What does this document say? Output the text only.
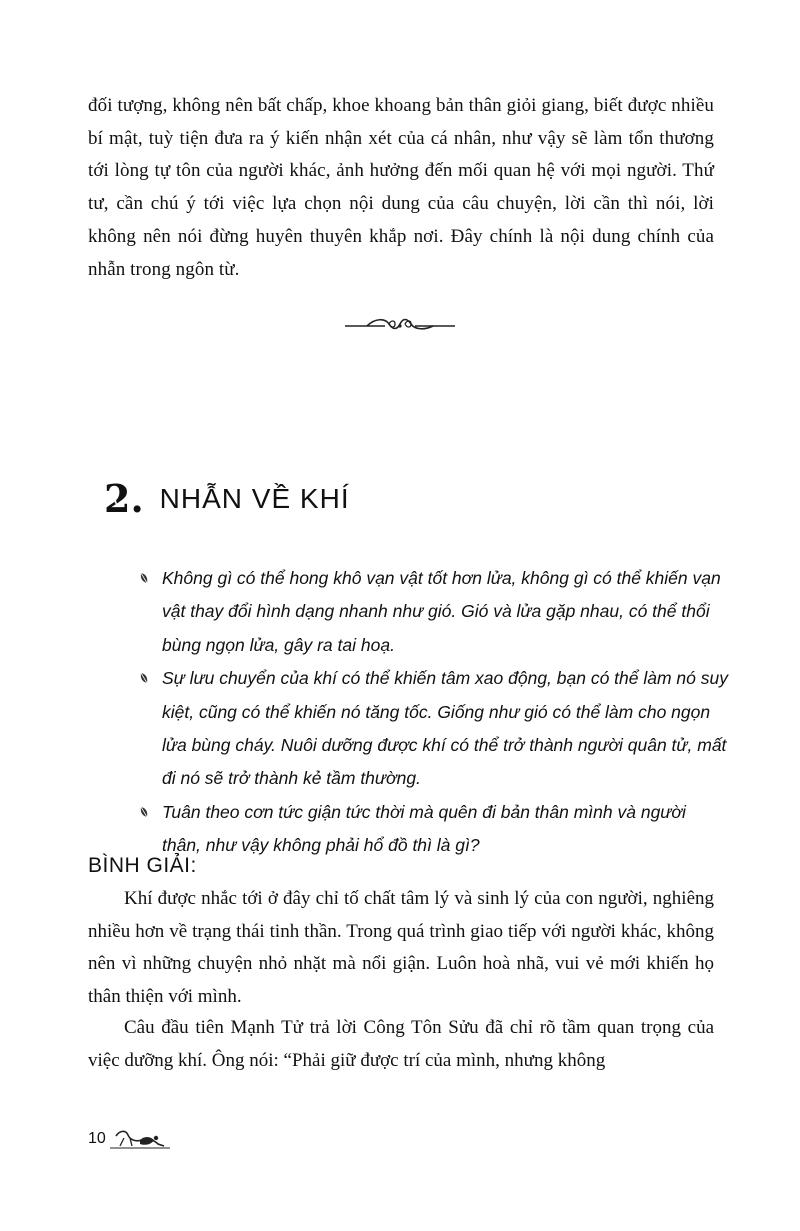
đối tượng, không nên bất chấp, khoe khoang bản thân giỏi giang, biết được nhiều bí mật, tuỳ tiện đưa ra ý kiến nhận xét của cá nhân, như vậy sẽ làm tổn thương tới lòng tự tôn của người khác, ảnh hưởng đến mối quan hệ với mọi người. Thứ tư, cần chú ý tới việc lựa chọn nội dung của câu chuyện, lời cần thì nói, lời không nên nói đừng huyên thuyên khắp nơi. Đây chính là nội dung chính của nhẫn trong ngôn từ.

2. NHẪN VỀ KHÍ
Không gì có thể hong khô vạn vật tốt hơn lửa, không gì có thể khiến vạn vật thay đổi hình dạng nhanh như gió. Gió và lửa gặp nhau, có thể thổi bùng ngọn lửa, gây ra tai hoạ.
Sự lưu chuyển của khí có thể khiến tâm xao động, bạn có thể làm nó suy kiệt, cũng có thể khiến nó tăng tốc. Giống như gió có thể làm cho ngọn lửa bùng cháy. Nuôi dưỡng được khí có thể trở thành người quân tử, mất đi nó sẽ trở thành kẻ tầm thường.
Tuân theo cơn tức giận tức thời mà quên đi bản thân mình và người thân, như vậy không phải hổ đồ thì là gì?
BÌNH GIẢI:

Khí được nhắc tới ở đây chỉ tố chất tâm lý và sinh lý của con người, nghiêng nhiều hơn về trạng thái tinh thần. Trong quá trình giao tiếp với người khác, không nên vì những chuyện nhỏ nhặt mà nổi giận. Luôn hoà nhã, vui vẻ mới khiến họ thân thiện với mình.

Câu đầu tiên Mạnh Tử trả lời Công Tôn Sửu đã chỉ rõ tầm quan trọng của việc dưỡng khí. Ông nói: “Phải giữ được trí của mình, nhưng không

10
